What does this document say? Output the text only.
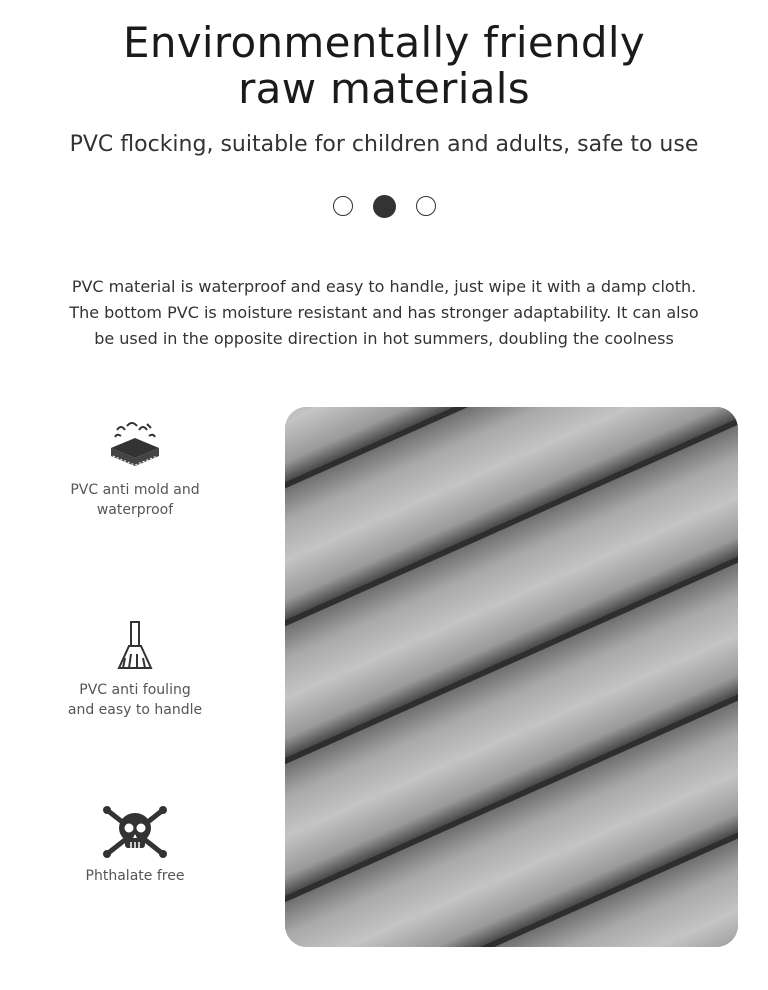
Environmentally friendly
raw materials
PVC flocking, suitable for children and adults, safe to use
PVC material is waterproof and easy to handle, just wipe it with a damp cloth.
The bottom PVC is moisture resistant and has stronger adaptability. It can also
be used in the opposite direction in hot summers, doubling the coolness
PVC anti mold and
waterproof
PVC anti fouling
and easy to handle
Phthalate free
